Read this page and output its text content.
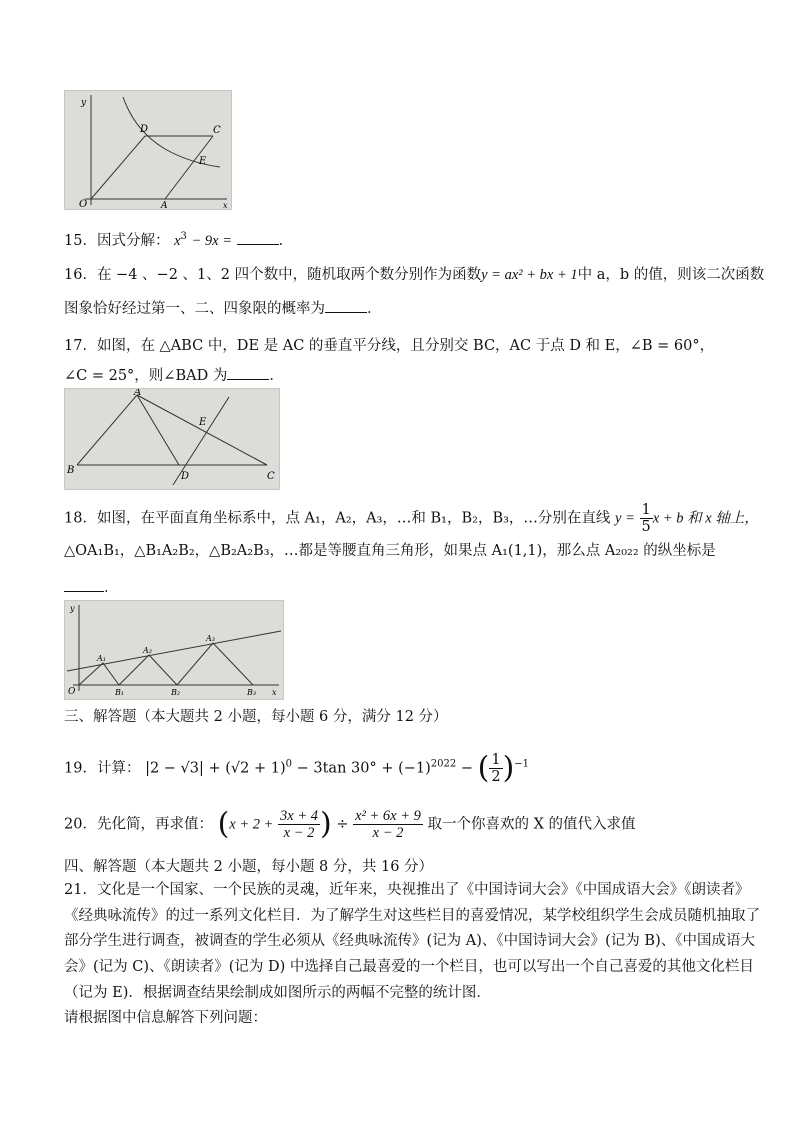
y
D	C
E
O	A	x
15．因式分解： $x^3 - 9x$ =	．
16．在 −4 、−2 、1、2 四个数中，随机取两个数分别作为函数y = ax² + bx + 1中 a，b 的值，则该二次函数
图象恰好经过第一、二、四象限的概率为	．
17．如图，在 △ABC 中，DE 是 AC 的垂直平分线，且分别交 BC，AC 于点 D 和 E，∠B = 60°，
∠C = 25°，则∠BAD 为	．
A
E
B
D	C
18．如图，在平面直角坐标系中，点 A₁，A₂，A₃，…和 B₁，B₂，B₃，…分别在直线 $y = \frac{1}{5}$ x + b 和 x 轴上，
△OA₁B₁，△B₁A₂B₂，△B₂A₂B₃，…都是等腰直角三角形，如果点 A₁(1,1)，那么点 A₂₀₂₂ 的纵坐标是
．
y
O
A₁
A₂
A₃
B₁	B₂	B₃ x
三、解答题（本大题共 2 小题，每小题 6 分，满分 12 分）
19．计算： $|2 - √3| + (√2 + 1)^0 - 3\tan$ $30^\circ + (-1)^{2022}$ − ( $\frac{1}{2} )^{-1}$
20．先化简，再求值： ($x + 2 + \frac{3x + 4}{x - 2}$ ) ÷ $\frac{\text{x² + 6x + 9}}{x - 2}$ 取一个你喜欢的 X 的值代入求值
四、解答题（本大题共 2 小题，每小题 8 分，共 16 分）
21．文化是一个国家、一个民族的灵魂，近年来，央视推出了《中国诗词大会》《中国成语大会》《朗读者》
《经典咏流传》的过一系列文化栏目．为了解学生对这些栏目的喜爱情况，某学校组织学生会成员随机抽取了
部分学生进行调查，被调查的学生必须从《经典咏流传》(记为 A)、《中国诗词大会》(记为 B)、《中国成语大
会》(记为 C)、《朗读者》(记为 D) 中选择自己最喜爱的一个栏目，也可以写出一个自己喜爱的其他文化栏目
（记为 E)．根据调查结果绘制成如图所示的两幅不完整的统计图．
请根据图中信息解答下列问题：
